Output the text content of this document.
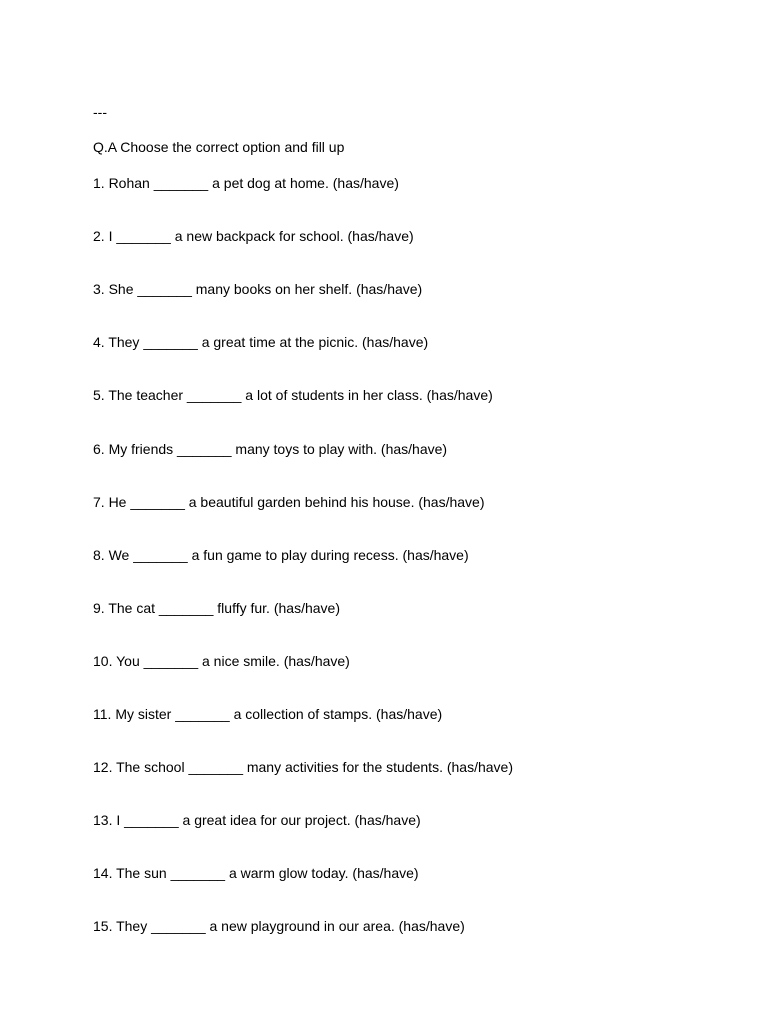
---
Q.A Choose the correct option and fill up
1. Rohan _______ a pet dog at home. (has/have)
2. I _______ a new backpack for school. (has/have)
3. She _______ many books on her shelf. (has/have)
4. They _______ a great time at the picnic. (has/have)
5. The teacher _______ a lot of students in her class. (has/have)
6. My friends _______ many toys to play with. (has/have)
7. He _______ a beautiful garden behind his house. (has/have)
8. We _______ a fun game to play during recess. (has/have)
9. The cat _______ fluffy fur. (has/have)
10. You _______ a nice smile. (has/have)
11. My sister _______ a collection of stamps. (has/have)
12. The school _______ many activities for the students. (has/have)
13. I _______ a great idea for our project. (has/have)
14. The sun _______ a warm glow today. (has/have)
15. They _______ a new playground in our area. (has/have)
